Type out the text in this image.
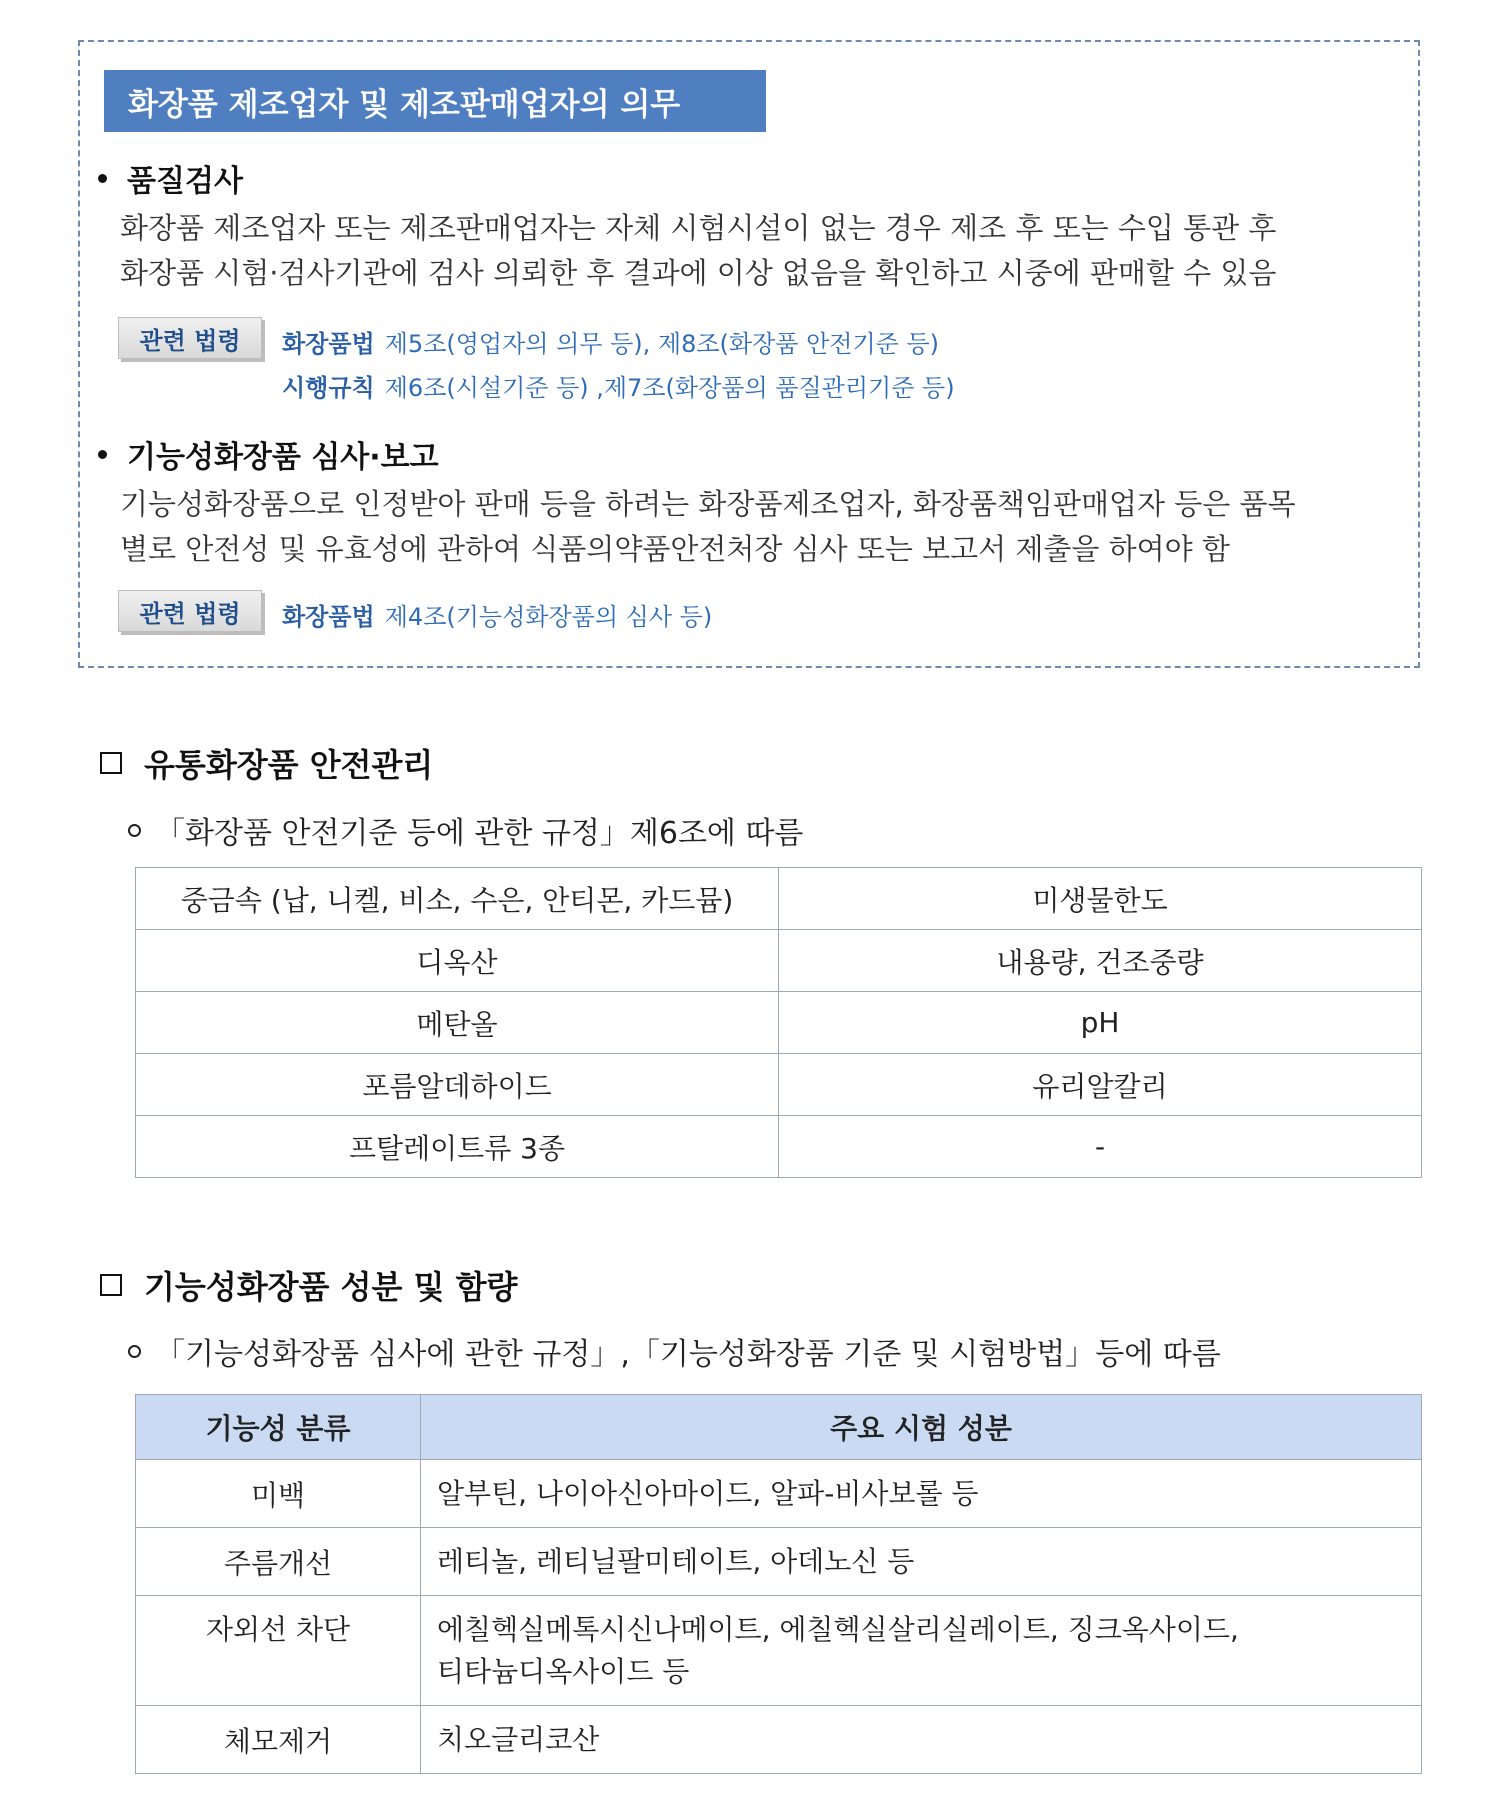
화장품 제조업자 및 제조판매업자의 의무
품질검사
화장품 제조업자 또는 제조판매업자는 자체 시험시설이 없는 경우 제조 후 또는 수입 통관 후
화장품 시험·검사기관에 검사 의뢰한 후 결과에 이상 없음을 확인하고 시중에 판매할 수 있음
관련 법령	화장품법 제5조(영업자의 의무 등), 제8조(화장품 안전기준 등)
시행규칙 제6조(시설기준 등) ,제7조(화장품의 품질관리기준 등)
기능성화장품 심사·보고
기능성화장품으로 인정받아 판매 등을 하려는 화장품제조업자, 화장품책임판매업자 등은 품목
별로 안전성 및 유효성에 관하여 식품의약품안전처장 심사 또는 보고서 제출을 하여야 함
관련 법령	화장품법 제4조(기능성화장품의 심사 등)
유통화장품 안전관리
「화장품 안전기준 등에 관한 규정」제6조에 따름
중금속 (납, 니켈, 비소, 수은, 안티몬, 카드뮴)	미생물한도
디옥산	내용량, 건조중량
메탄올	pH
포름알데하이드	유리알칼리
프탈레이트류 3종	-
기능성화장품 성분 및 함량
「기능성화장품 심사에 관한 규정」,「기능성화장품 기준 및 시험방법」등에 따름
기능성 분류	주요 시험 성분
미백	알부틴, 나이아신아마이드, 알파-비사보롤 등

주름개선	레티놀, 레티닐팔미테이트, 아데노신 등

자외선 차단	에칠헥실메톡시신나메이트, 에칠헥실살리실레이트, 징크옥사이드,
티타늄디옥사이드 등

체모제거	치오글리코산
